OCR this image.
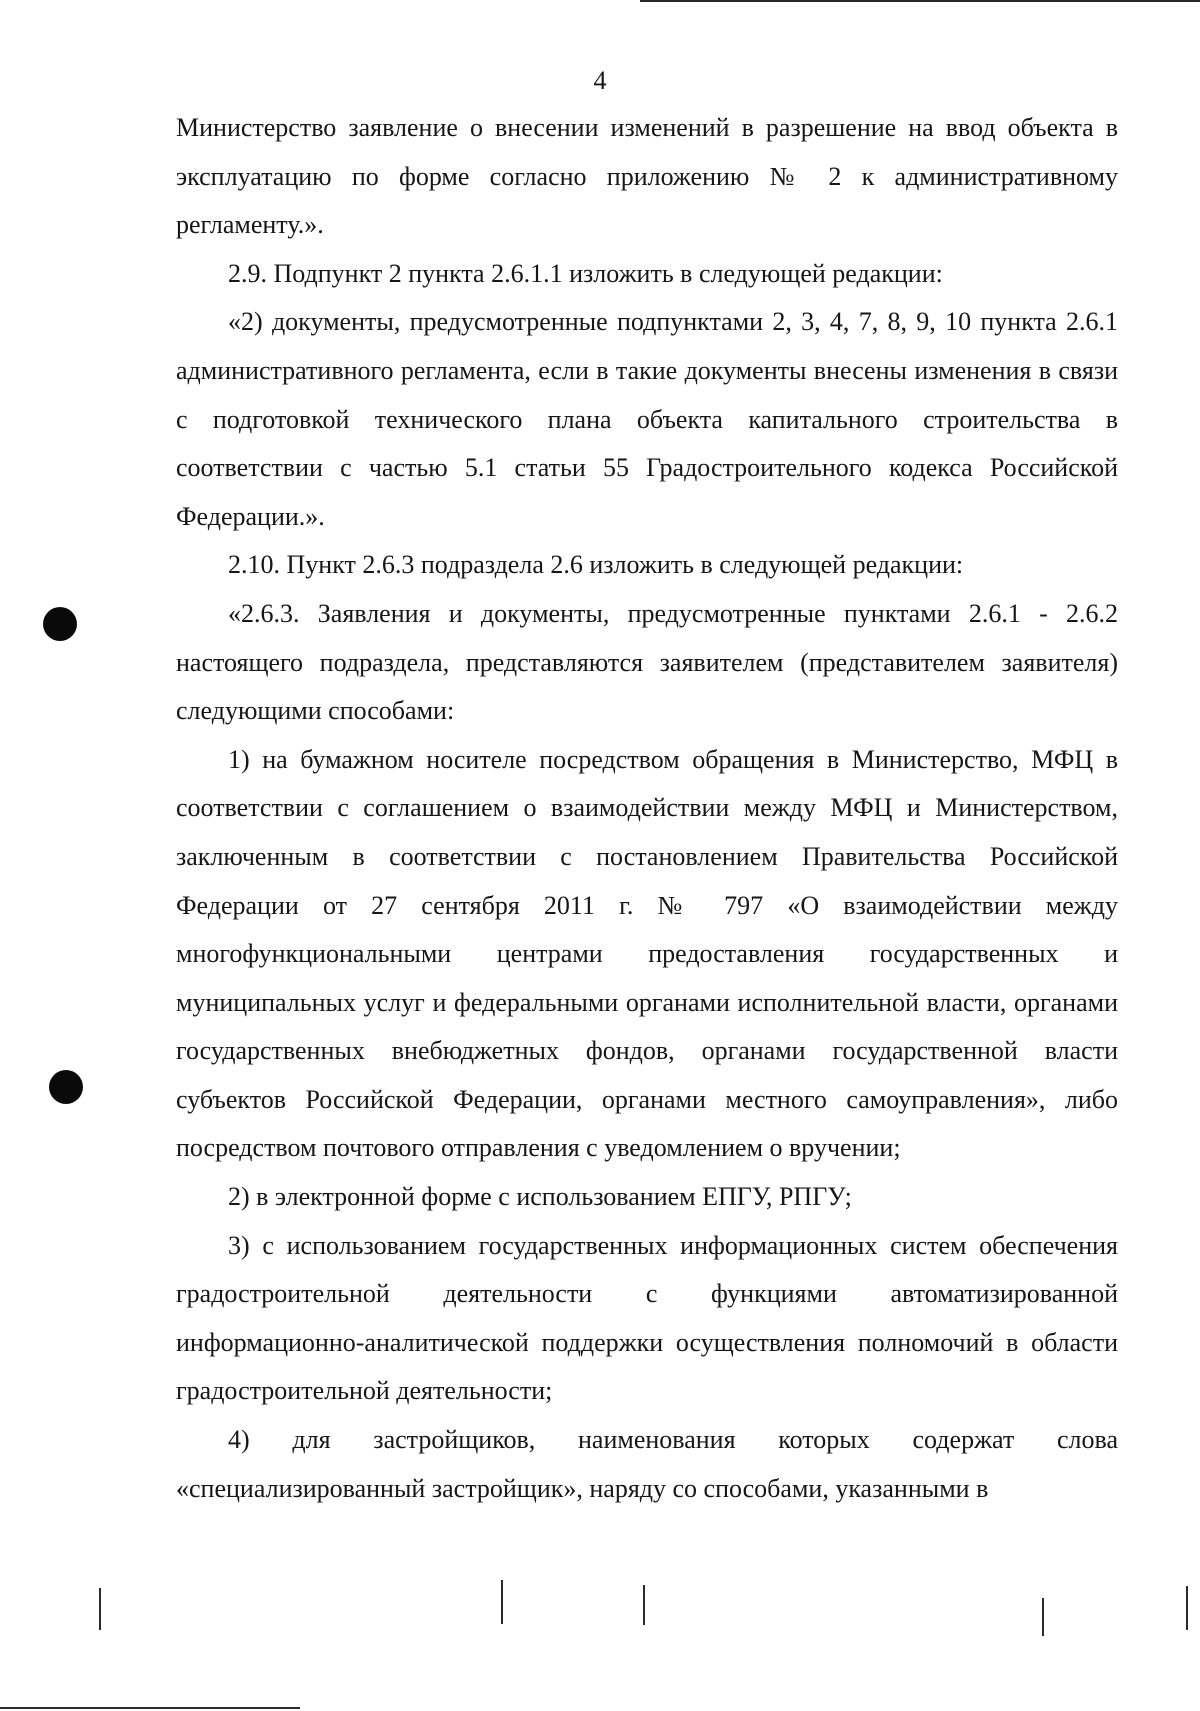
4

Министерство заявление о внесении изменений в разрешение на ввод объекта в эксплуатацию по форме согласно приложению № 2 к административному регламенту.».

2.9. Подпункт 2 пункта 2.6.1.1 изложить в следующей редакции:

«2) документы, предусмотренные подпунктами 2, 3, 4, 7, 8, 9, 10 пункта 2.6.1 административного регламента, если в такие документы внесены изменения в связи с подготовкой технического плана объекта капитального строительства в соответствии с частью 5.1 статьи 55 Градостроительного кодекса Российской Федерации.».

2.10. Пункт 2.6.3 подраздела 2.6 изложить в следующей редакции:

«2.6.3. Заявления и документы, предусмотренные пунктами 2.6.1 - 2.6.2 настоящего подраздела, представляются заявителем (представителем заявителя) следующими способами:

1) на бумажном носителе посредством обращения в Министерство, МФЦ в соответствии с соглашением о взаимодействии между МФЦ и Министерством, заключенным в соответствии с постановлением Правительства Российской Федерации от 27 сентября 2011 г. № 797 «О взаимодействии между многофункциональными центрами предоставления государственных и муниципальных услуг и федеральными органами исполнительной власти, органами государственных внебюджетных фондов, органами государственной власти субъектов Российской Федерации, органами местного самоуправления», либо посредством почтового отправления с уведомлением о вручении;

2) в электронной форме с использованием ЕПГУ, РПГУ;

3) с использованием государственных информационных систем обеспечения градостроительной деятельности с функциями автоматизированной информационно-аналитической поддержки осуществления полномочий в области градостроительной деятельности;

4) для застройщиков, наименования которых содержат слова «специализированный застройщик», наряду со способами, указанными в
